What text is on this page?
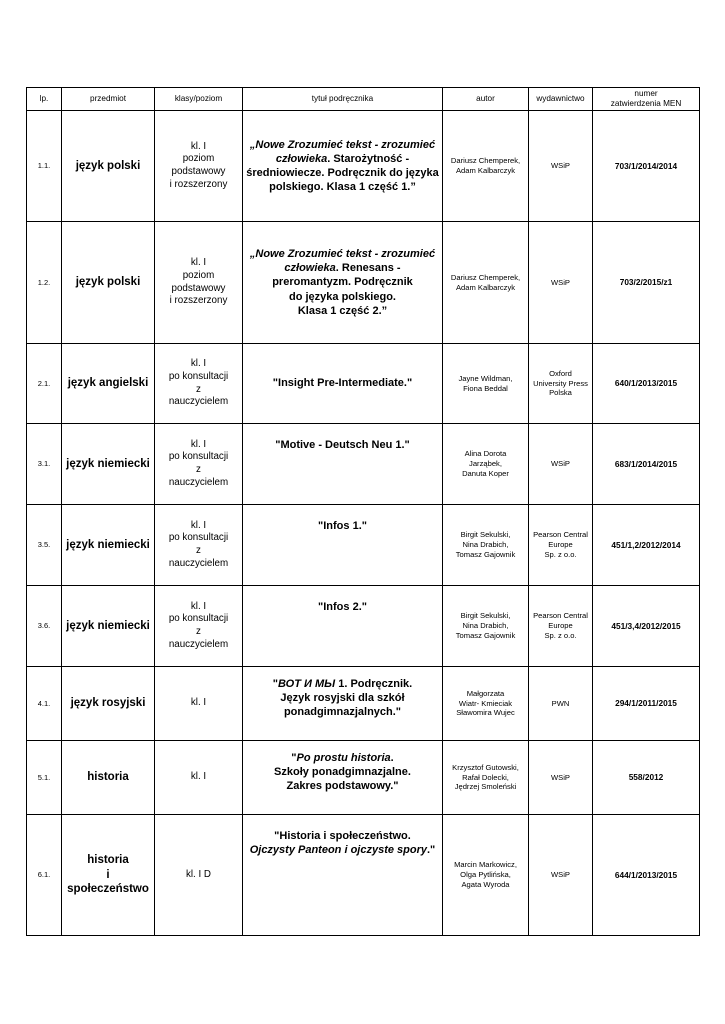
lp.	przedmiot	klasy/poziom	tytuł podręcznika	autor	wydawnictwo	numer
zatwierdzenia MEN

1.1.	język polski	kl. I
poziom
podstawowy
i rozszerzony	„Nowe Zrozumieć tekst - zrozumieć
człowieka. Starożytność -
średniowiecze. Podręcznik do języka
polskiego. Klasa 1 część 1.”	Dariusz Chemperek,
Adam Kalbarczyk	WSiP	703/1/2014/2014
1.2.	język polski	kl. I
poziom
podstawowy
i rozszerzony	„Nowe Zrozumieć tekst - zrozumieć
człowieka. Renesans -
preromantyzm. Podręcznik
do języka polskiego.
Klasa 1 część 2.”	Dariusz Chemperek,
Adam Kalbarczyk	WSiP	703/2/2015/z1
2.1.	język angielski	kl. I
po konsultacji
z
nauczycielem	"Insight Pre-Intermediate."	Jayne Wildman,
Fiona Beddal	Oxford
University Press
Polska	640/1/2013/2015
3.1.	język niemiecki	kl. I
po konsultacji
z
nauczycielem	"Motive - Deutsch Neu 1."	Alina Dorota
Jarząbek,
Danuta Koper	WSiP	683/1/2014/2015
3.5.	język niemiecki	kl. I
po konsultacji
z
nauczycielem	"Infos 1."	Birgit Sekulski,
Nina Drabich,
Tomasz Gajownik	Pearson Central
Europe
Sp. z o.o.	451/1,2/2012/2014
3.6.	język niemiecki	kl. I
po konsultacji
z
nauczycielem	"Infos 2."	Birgit Sekulski,
Nina Drabich,
Tomasz Gajownik	Pearson Central
Europe
Sp. z o.o.	451/3,4/2012/2015
4.1.	język rosyjski	kl. I	"ВОТ И МЫ 1. Podręcznik.
Język rosyjski dla szkół
ponadgimnazjalnych."	Małgorzata
Wiatr- Kmieciak
Sławomira Wujec	PWN	294/1/2011/2015
5.1.	historia	kl. I	"Po prostu historia.
Szkoły ponadgimnazjalne.
Zakres podstawowy."	Krzysztof Gutowski,
Rafał Dolecki,
Jędrzej Smoleński	WSiP	558/2012
6.1.	historia
i społeczeństwo	kl. I D	"Historia i społeczeństwo.
Ojczysty Panteon i ojczyste spory."	Marcin Markowicz,
Olga Pytlińska,
Agata Wyroda	WSiP	644/1/2013/2015
